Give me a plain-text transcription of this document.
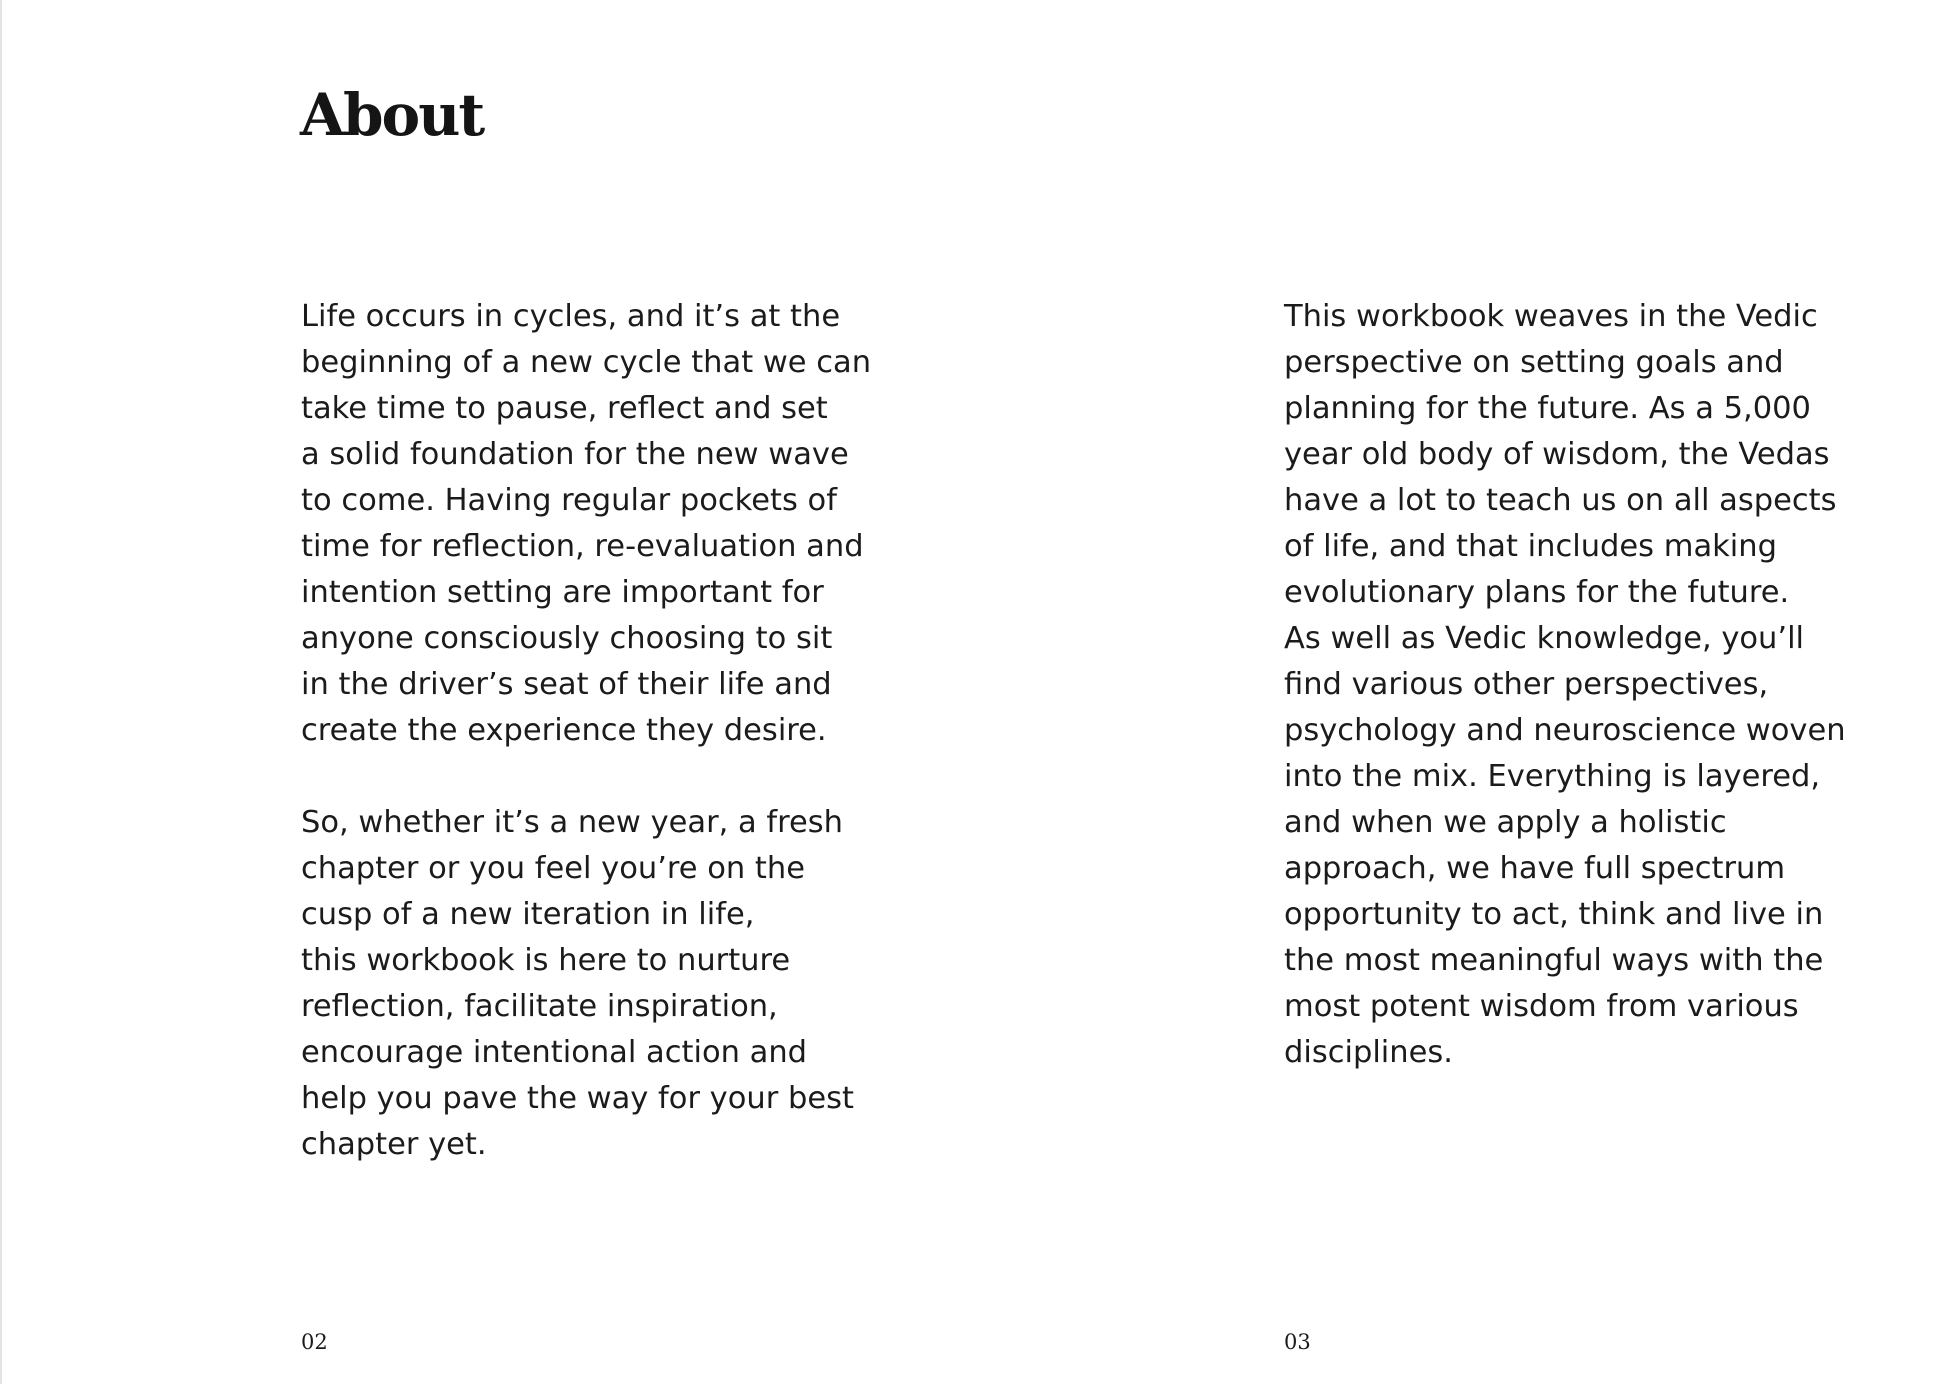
About

Life occurs in cycles, and it’s at the
beginning of a new cycle that we can
take time to pause, reflect and set
a solid foundation for the new wave
to come. Having regular pockets of
time for reflection, re-evaluation and
intention setting are important for
anyone consciously choosing to sit
in the driver’s seat of their life and
create the experience they desire.

So, whether it’s a new year, a fresh
chapter or you feel you’re on the
cusp of a new iteration in life,
this workbook is here to nurture
reflection, facilitate inspiration,
encourage intentional action and
help you pave the way for your best
chapter yet.

This workbook weaves in the Vedic
perspective on setting goals and
planning for the future. As a 5,000
year old body of wisdom, the Vedas
have a lot to teach us on all aspects
of life, and that includes making
evolutionary plans for the future.
As well as Vedic knowledge, you’ll
find various other perspectives,
psychology and neuroscience woven
into the mix. Everything is layered,
and when we apply a holistic
approach, we have full spectrum
opportunity to act, think and live in
the most meaningful ways with the
most potent wisdom from various
disciplines.

02	03
